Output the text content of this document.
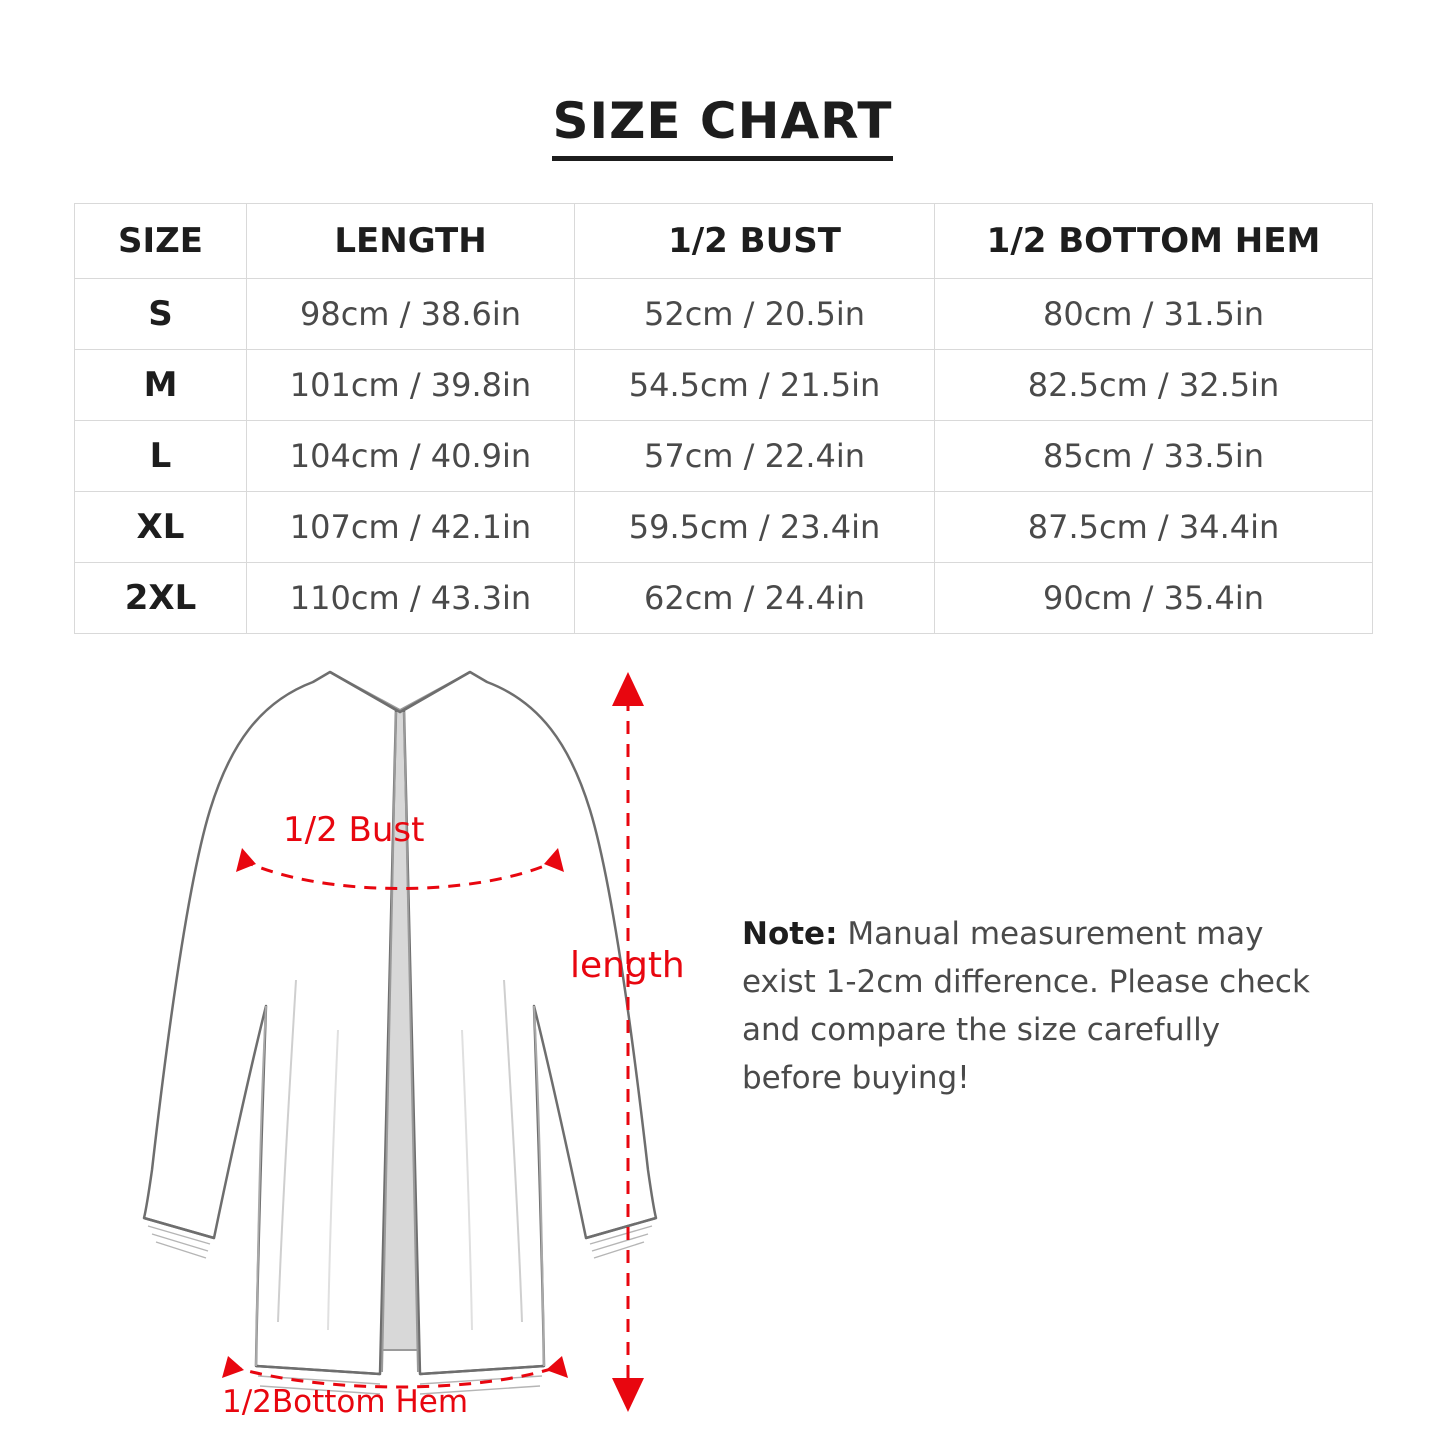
SIZE CHART
SIZE	LENGTH	1/2 BUST	1/2 BOTTOM HEM
S	98cm / 38.6in	52cm / 20.5in	80cm / 31.5in
M	101cm / 39.8in	54.5cm / 21.5in	82.5cm / 32.5in
L	104cm / 40.9in	57cm / 22.4in	85cm / 33.5in
XL	107cm / 42.1in	59.5cm / 23.4in	87.5cm / 34.4in
2XL	110cm / 43.3in	62cm / 24.4in	90cm / 35.4in
1/2 Bust
1/2Bottom Hem
length
Note: Manual measurement may exist 1-2cm difference. Please check and compare the size carefully before buying!
